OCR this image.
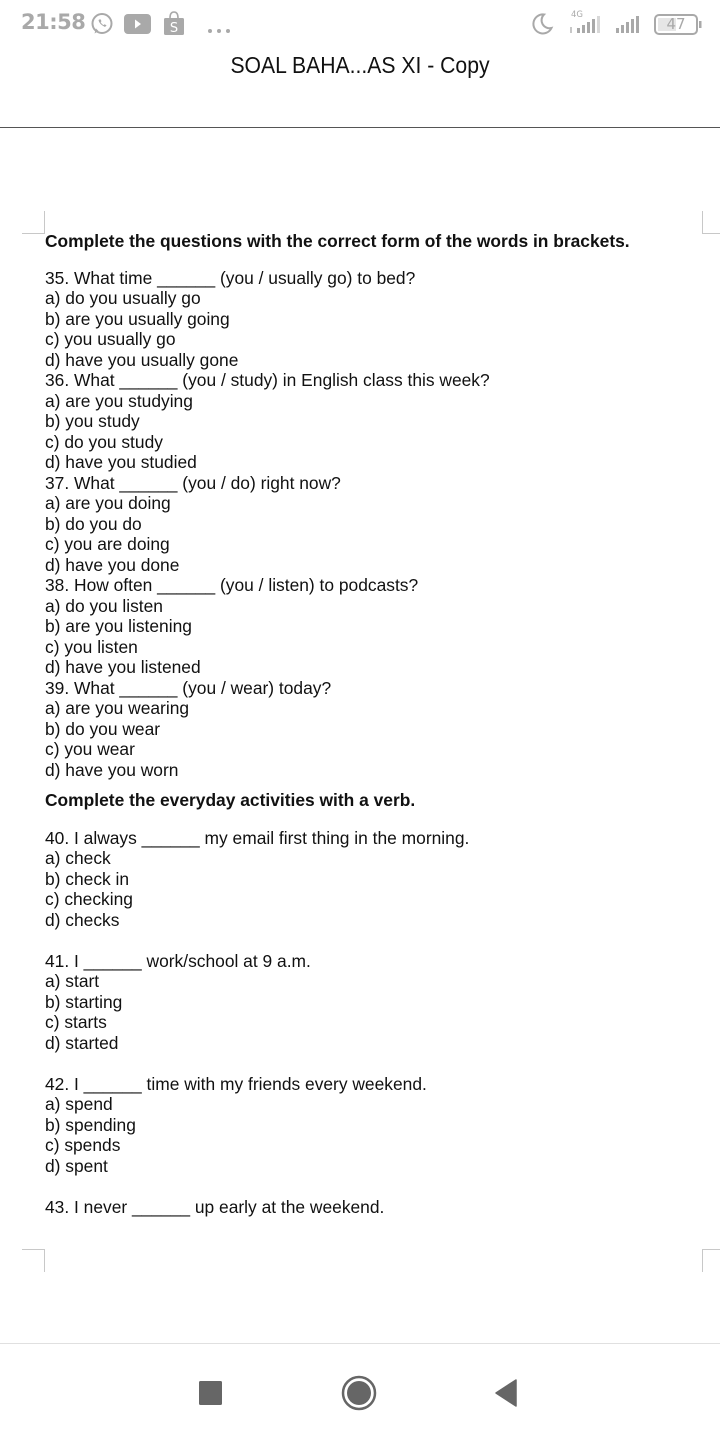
21:58	S
4G	47
SOAL BAHA...AS XI - Copy
Complete the questions with the correct form of the words in brackets.
35. What time ______ (you / usually go) to bed?
a) do you usually go
b) are you usually going
c) you usually go
d) have you usually gone
36. What ______ (you / study) in English class this week?
a) are you studying
b) you study
c) do you study
d) have you studied
37. What ______ (you / do) right now?
a) are you doing
b) do you do
c) you are doing
d) have you done
38. How often ______ (you / listen) to podcasts?
a) do you listen
b) are you listening
c) you listen
d) have you listened
39. What ______ (you / wear) today?
a) are you wearing
b) do you wear
c) you wear
d) have you worn
Complete the everyday activities with a verb.
40. I always ______ my email first thing in the morning.
a) check
b) check in
c) checking
d) checks
41. I ______ work/school at 9 a.m.
a) start
b) starting
c) starts
d) started
42. I ______ time with my friends every weekend.
a) spend
b) spending
c) spends
d) spent
43. I never ______ up early at the weekend.
